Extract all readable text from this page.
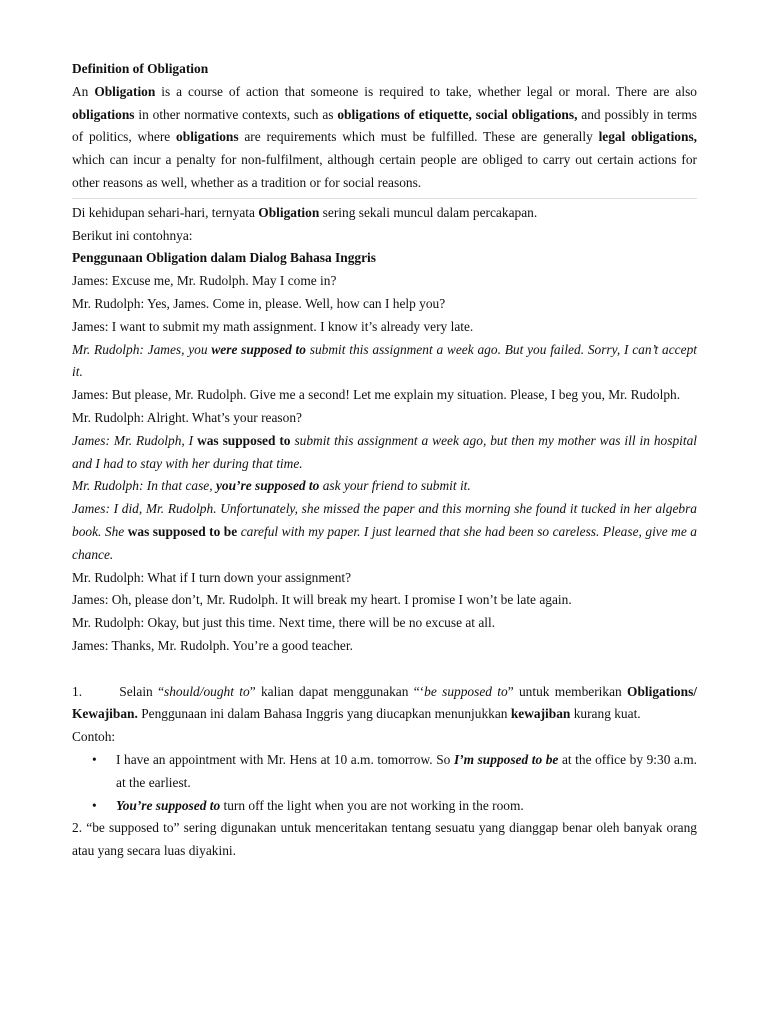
Definition of Obligation

An Obligation is a course of action that someone is required to take, whether legal or moral. There are also obligations in other normative contexts, such as obligations of etiquette, social obligations, and possibly in terms of politics, where obligations are requirements which must be fulfilled. These are generally legal obligations, which can incur a penalty for non-fulfilment, although certain people are obliged to carry out certain actions for other reasons as well, whether as a tradition or for social reasons.

Di kehidupan sehari-hari, ternyata Obligation sering sekali muncul dalam percakapan.

Berikut ini contohnya:

Penggunaan Obligation dalam Dialog Bahasa Inggris

James: Excuse me, Mr. Rudolph. May I come in?

Mr. Rudolph: Yes, James. Come in, please. Well, how can I help you?

James: I want to submit my math assignment. I know it’s already very late.

Mr. Rudolph: James, you were supposed to submit this assignment a week ago. But you failed. Sorry, I can’t accept it.

James: But please, Mr. Rudolph. Give me a second! Let me explain my situation. Please, I beg you, Mr. Rudolph.

Mr. Rudolph: Alright. What’s your reason?

James: Mr. Rudolph, I was supposed to submit this assignment a week ago, but then my mother was ill in hospital and I had to stay with her during that time.

Mr. Rudolph: In that case, you’re supposed to ask your friend to submit it.

James: I did, Mr. Rudolph. Unfortunately, she missed the paper and this morning she found it tucked in her algebra book. She was supposed to be careful with my paper. I just learned that she had been so careless. Please, give me a chance.

Mr. Rudolph: What if I turn down your assignment?

James: Oh, please don’t, Mr. Rudolph. It will break my heart. I promise I won’t be late again.

Mr. Rudolph: Okay, but just this time. Next time, there will be no excuse at all.

James: Thanks, Mr. Rudolph. You’re a good teacher.

1.       Selain “should/ought to” kalian dapat menggunakan “‘be supposed to” untuk memberikan Obligations/ Kewajiban. Penggunaan ini dalam Bahasa Inggris yang diucapkan menunjukkan kewajiban kurang kuat.

Contoh:

• I have an appointment with Mr. Hens at 10 a.m. tomorrow. So I’m supposed to be at the office by 9:30 a.m. at the earliest.
• You’re supposed to turn off the light when you are not working in the room.

2. “be supposed to” sering digunakan untuk menceritakan tentang sesuatu yang dianggap benar oleh banyak orang atau yang secara luas diyakini.
